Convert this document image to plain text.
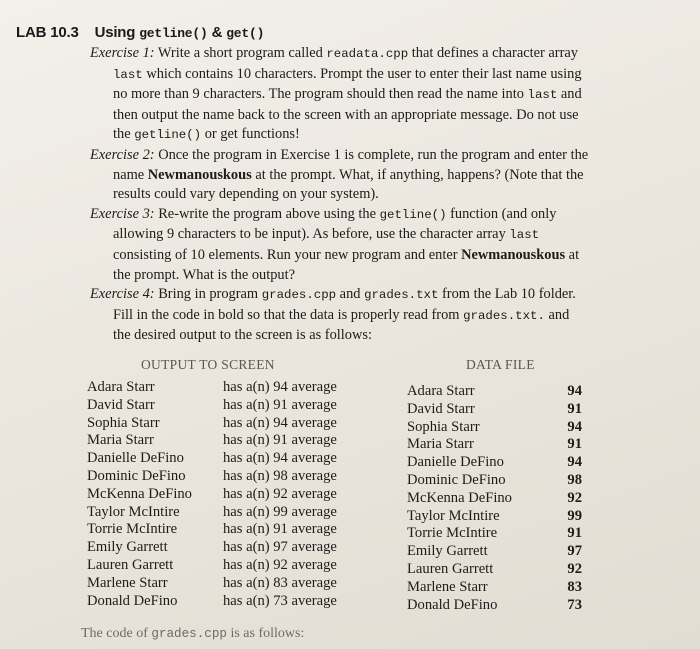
LAB 10.3 Using getline() & get()

Exercise 1: Write a short program called readata.cpp that defines a character array last which contains 10 characters. Prompt the user to enter their last name using no more than 9 characters. The program should then read the name into last and then output the name back to the screen with an appropriate message. Do not use the getline() or get functions!

Exercise 2: Once the program in Exercise 1 is complete, run the program and enter the name Newmanouskous at the prompt. What, if anything, happens? (Note that the results could vary depending on your system).

Exercise 3: Re-write the program above using the getline() function (and only allowing 9 characters to be input). As before, use the character array last consisting of 10 elements. Run your new program and enter Newmanouskous at the prompt. What is the output?

Exercise 4: Bring in program grades.cpp and grades.txt from the Lab 10 folder. Fill in the code in bold so that the data is properly read from grades.txt. and the desired output to the screen is as follows:

OUTPUT TO SCREEN	DATA FILE
Adara Starr
David Starr
Sophia Starr
Maria Starr
Danielle DeFino
Dominic DeFino
McKenna DeFino
Taylor McIntire
Torrie McIntire
Emily Garrett
Lauren Garrett
Marlene Starr
Donald DeFino
has a(n) 94 average
has a(n) 91 average
has a(n) 94 average
has a(n) 91 average
has a(n) 94 average
has a(n) 98 average
has a(n) 92 average
has a(n) 99 average
has a(n) 91 average
has a(n) 97 average
has a(n) 92 average
has a(n) 83 average
has a(n) 73 average
Adara Starr
David Starr
Sophia Starr
Maria Starr
Danielle DeFino
Dominic DeFino
McKenna DeFino
Taylor McIntire
Torrie McIntire
Emily Garrett
Lauren Garrett
Marlene Starr
Donald DeFino
94
91
94
91
94
98
92
99
91
97
92
83
73
The code of grades.cpp is as follows:
